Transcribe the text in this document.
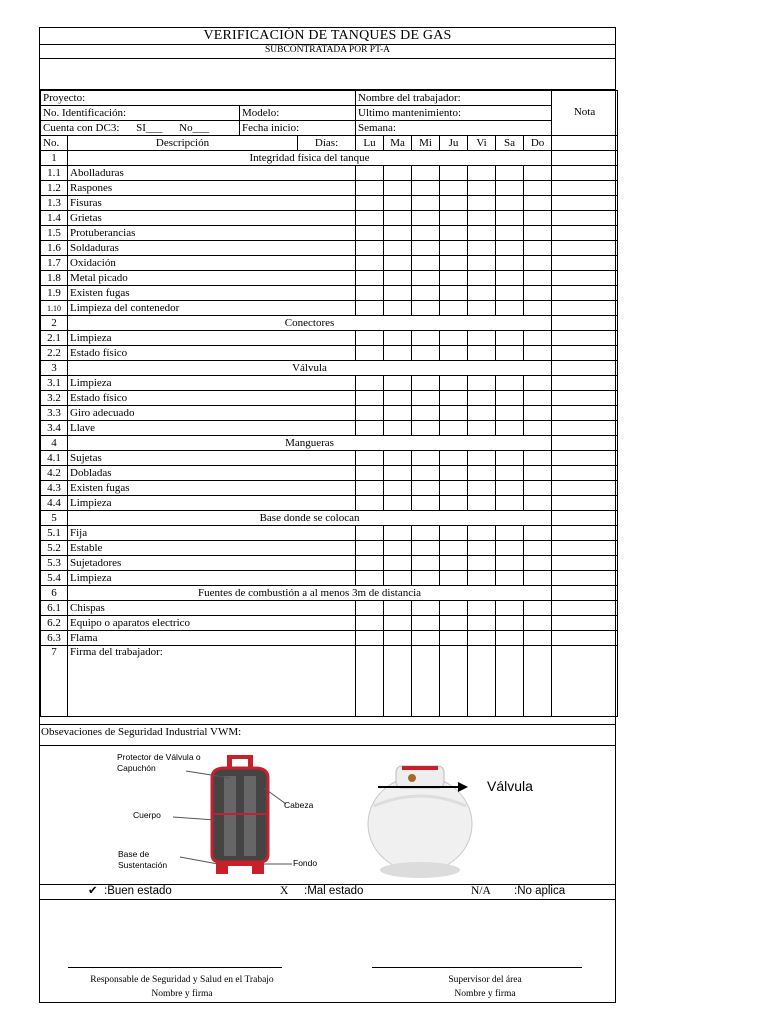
VERIFICACIÓN DE TANQUES DE GAS
SUBCONTRATADA POR PT-A
Proyecto:				Nombre del trabajador:							
No. Identificación:		Modelo:		Ultimo mantenimiento:							Nota
Cuenta con DC3: SI___ No___		Fecha inicio:		Semana:							
No.	Descripción		Días:	Lu	Ma	Mi	Ju	Vi	Sa	Do	
1	Integridad física del tanque										
1.1	Abolladuras										
1.2	Raspones										
1.3	Fisuras										
1.4	Grietas										
1.5	Protuberancias										
1.6	Soldaduras										
1.7	Oxidación										
1.8	Metal picado										
1.9	Existen fugas										
1.10	Limpieza del contenedor										
2	Conectores										
2.1	Limpieza										
2.2	Estado físico										
3	Válvula										
3.1	Limpieza										
3.2	Estado físico										
3.3	Giro adecuado										
3.4	Llave										
4	Mangueras										
4.1	Sujetas										
4.2	Dobladas										
4.3	Existen fugas										
4.4	Limpieza										
5	Base donde se colocan										
5.1	Fija										
5.2	Estable										
5.3	Sujetadores										
5.4	Limpieza										
6	Fuentes de combustión a al menos 3m de distancia										
6.1	Chispas										
6.2	Equipo o aparatos electrico										
6.3	Flama										
7	Firma del trabajador:										
Obsevaciones de Seguridad Industrial VWM:
Protector de Válvula o Capuchón
Cabeza
Cuerpo
Base de Sustentación	Fondo
Válvula
✔ :Buen estado	X :Mal estado	N/A :No aplica
Responsable de Seguridad y Salud en el Trabajo
Nombre y firma
Supervisor del área
Nombre y firma
